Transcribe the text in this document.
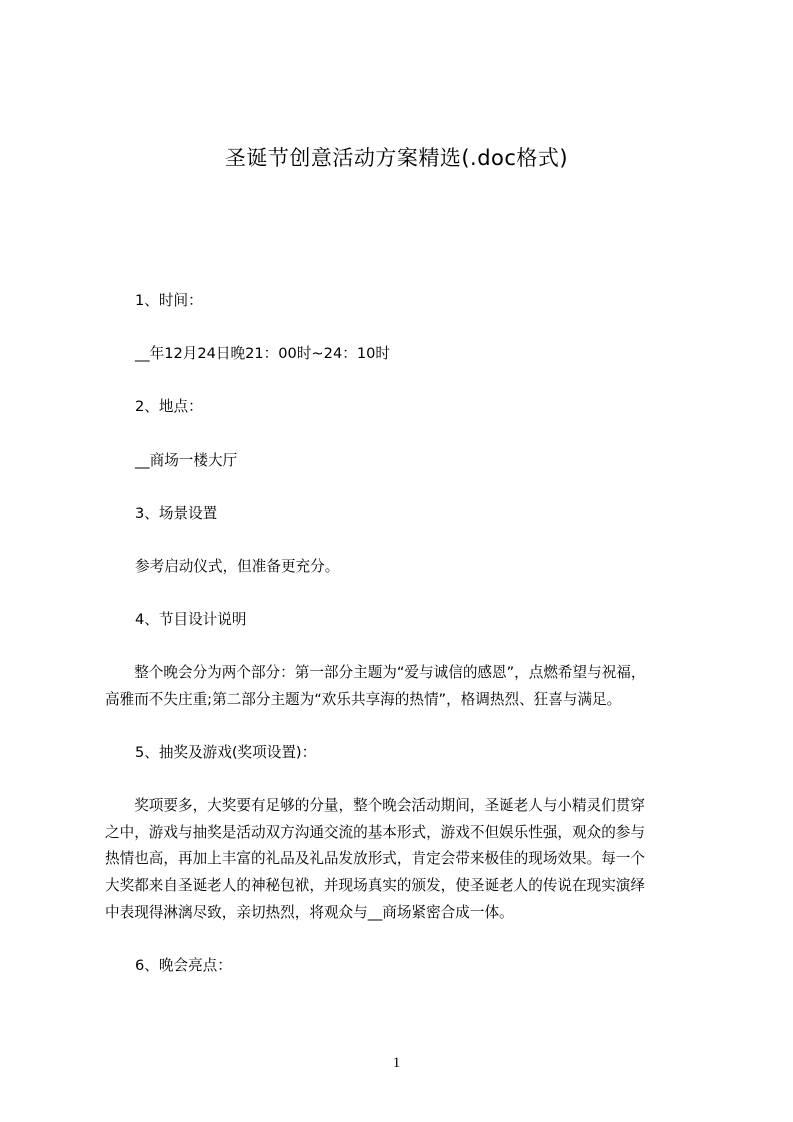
圣诞节创意活动方案精选(.doc格式)
1、时间：
__年12月24日晚21：00时~24：10时
2、地点：
__商场一楼大厅
3、场景设置
参考启动仪式，但准备更充分。
4、节目设计说明
　　整个晚会分为两个部分：第一部分主题为“爱与诚信的感恩”，点燃希望与祝福，
高雅而不失庄重;第二部分主题为“欢乐共享海的热情”，格调热烈、狂喜与满足。
5、抽奖及游戏(奖项设置)：
　　奖项要多，大奖要有足够的分量，整个晚会活动期间，圣诞老人与小精灵们贯穿
之中，游戏与抽奖是活动双方沟通交流的基本形式，游戏不但娱乐性强，观众的参与
热情也高，再加上丰富的礼品及礼品发放形式，肯定会带来极佳的现场效果。每一个
大奖都来自圣诞老人的神秘包袱，并现场真实的颁发，使圣诞老人的传说在现实演绎
中表现得淋漓尽致，亲切热烈，将观众与__商场紧密合成一体。
6、晚会亮点：
1
